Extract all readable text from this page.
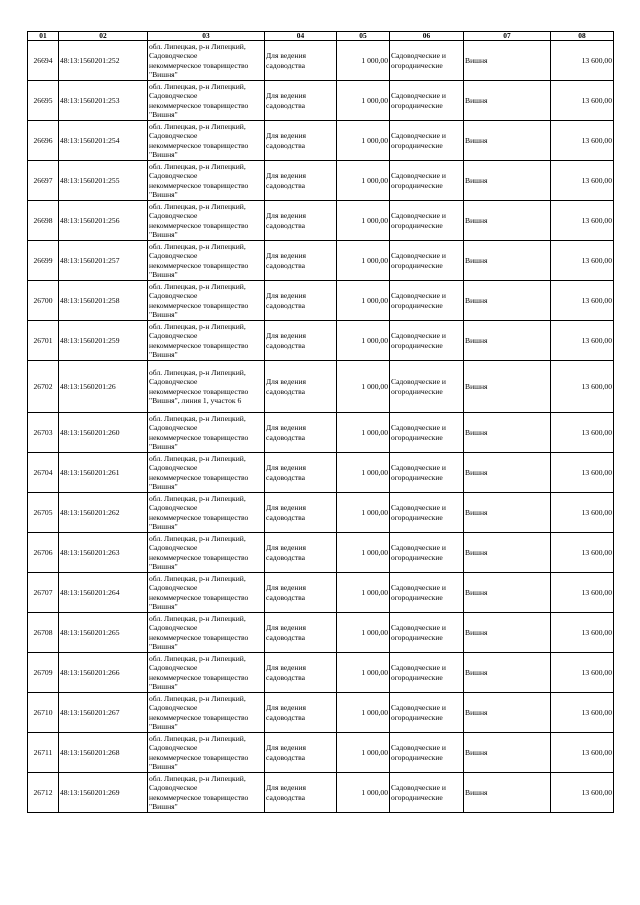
01	02	03	04	05	06	07	08
26694	48:13:1560201:252	обл. Липецкая, р-н Липецкий,
Садоводческое
некоммерческое товарищество
"Вишня"	Для ведения
садоводства	1 000,00	Садоводческие и
огороднические	Вишня	13 600,00
26695	48:13:1560201:253	обл. Липецкая, р-н Липецкий,
Садоводческое
некоммерческое товарищество
"Вишня"	Для ведения
садоводства	1 000,00	Садоводческие и
огороднические	Вишня	13 600,00
26696	48:13:1560201:254	обл. Липецкая, р-н Липецкий,
Садоводческое
некоммерческое товарищество
"Вишня"	Для ведения
садоводства	1 000,00	Садоводческие и
огороднические	Вишня	13 600,00
26697	48:13:1560201:255	обл. Липецкая, р-н Липецкий,
Садоводческое
некоммерческое товарищество
"Вишня"	Для ведения
садоводства	1 000,00	Садоводческие и
огороднические	Вишня	13 600,00
26698	48:13:1560201:256	обл. Липецкая, р-н Липецкий,
Садоводческое
некоммерческое товарищество
"Вишня"	Для ведения
садоводства	1 000,00	Садоводческие и
огороднические	Вишня	13 600,00
26699	48:13:1560201:257	обл. Липецкая, р-н Липецкий,
Садоводческое
некоммерческое товарищество
"Вишня"	Для ведения
садоводства	1 000,00	Садоводческие и
огороднические	Вишня	13 600,00
26700	48:13:1560201:258	обл. Липецкая, р-н Липецкий,
Садоводческое
некоммерческое товарищество
"Вишня"	Для ведения
садоводства	1 000,00	Садоводческие и
огороднические	Вишня	13 600,00
26701	48:13:1560201:259	обл. Липецкая, р-н Липецкий,
Садоводческое
некоммерческое товарищество
"Вишня"	Для ведения
садоводства	1 000,00	Садоводческие и
огороднические	Вишня	13 600,00
26702	48:13:1560201:26	обл. Липецкая, р-н Липецкий,
Садоводческое
некоммерческое товарищество
"Вишня", линия 1, участок 6	Для ведения
садоводства	1 000,00	Садоводческие и
огороднические	Вишня	13 600,00
26703	48:13:1560201:260	обл. Липецкая, р-н Липецкий,
Садоводческое
некоммерческое товарищество
"Вишня"	Для ведения
садоводства	1 000,00	Садоводческие и
огороднические	Вишня	13 600,00
26704	48:13:1560201:261	обл. Липецкая, р-н Липецкий,
Садоводческое
некоммерческое товарищество
"Вишня"	Для ведения
садоводства	1 000,00	Садоводческие и
огороднические	Вишня	13 600,00
26705	48:13:1560201:262	обл. Липецкая, р-н Липецкий,
Садоводческое
некоммерческое товарищество
"Вишня"	Для ведения
садоводства	1 000,00	Садоводческие и
огороднические	Вишня	13 600,00
26706	48:13:1560201:263	обл. Липецкая, р-н Липецкий,
Садоводческое
некоммерческое товарищество
"Вишня"	Для ведения
садоводства	1 000,00	Садоводческие и
огороднические	Вишня	13 600,00
26707	48:13:1560201:264	обл. Липецкая, р-н Липецкий,
Садоводческое
некоммерческое товарищество
"Вишня"	Для ведения
садоводства	1 000,00	Садоводческие и
огороднические	Вишня	13 600,00
26708	48:13:1560201:265	обл. Липецкая, р-н Липецкий,
Садоводческое
некоммерческое товарищество
"Вишня"	Для ведения
садоводства	1 000,00	Садоводческие и
огороднические	Вишня	13 600,00
26709	48:13:1560201:266	обл. Липецкая, р-н Липецкий,
Садоводческое
некоммерческое товарищество
"Вишня"	Для ведения
садоводства	1 000,00	Садоводческие и
огороднические	Вишня	13 600,00
26710	48:13:1560201:267	обл. Липецкая, р-н Липецкий,
Садоводческое
некоммерческое товарищество
"Вишня"	Для ведения
садоводства	1 000,00	Садоводческие и
огороднические	Вишня	13 600,00
26711	48:13:1560201:268	обл. Липецкая, р-н Липецкий,
Садоводческое
некоммерческое товарищество
"Вишня"	Для ведения
садоводства	1 000,00	Садоводческие и
огороднические	Вишня	13 600,00
26712	48:13:1560201:269	обл. Липецкая, р-н Липецкий,
Садоводческое
некоммерческое товарищество
"Вишня"	Для ведения
садоводства	1 000,00	Садоводческие и
огороднические	Вишня	13 600,00
